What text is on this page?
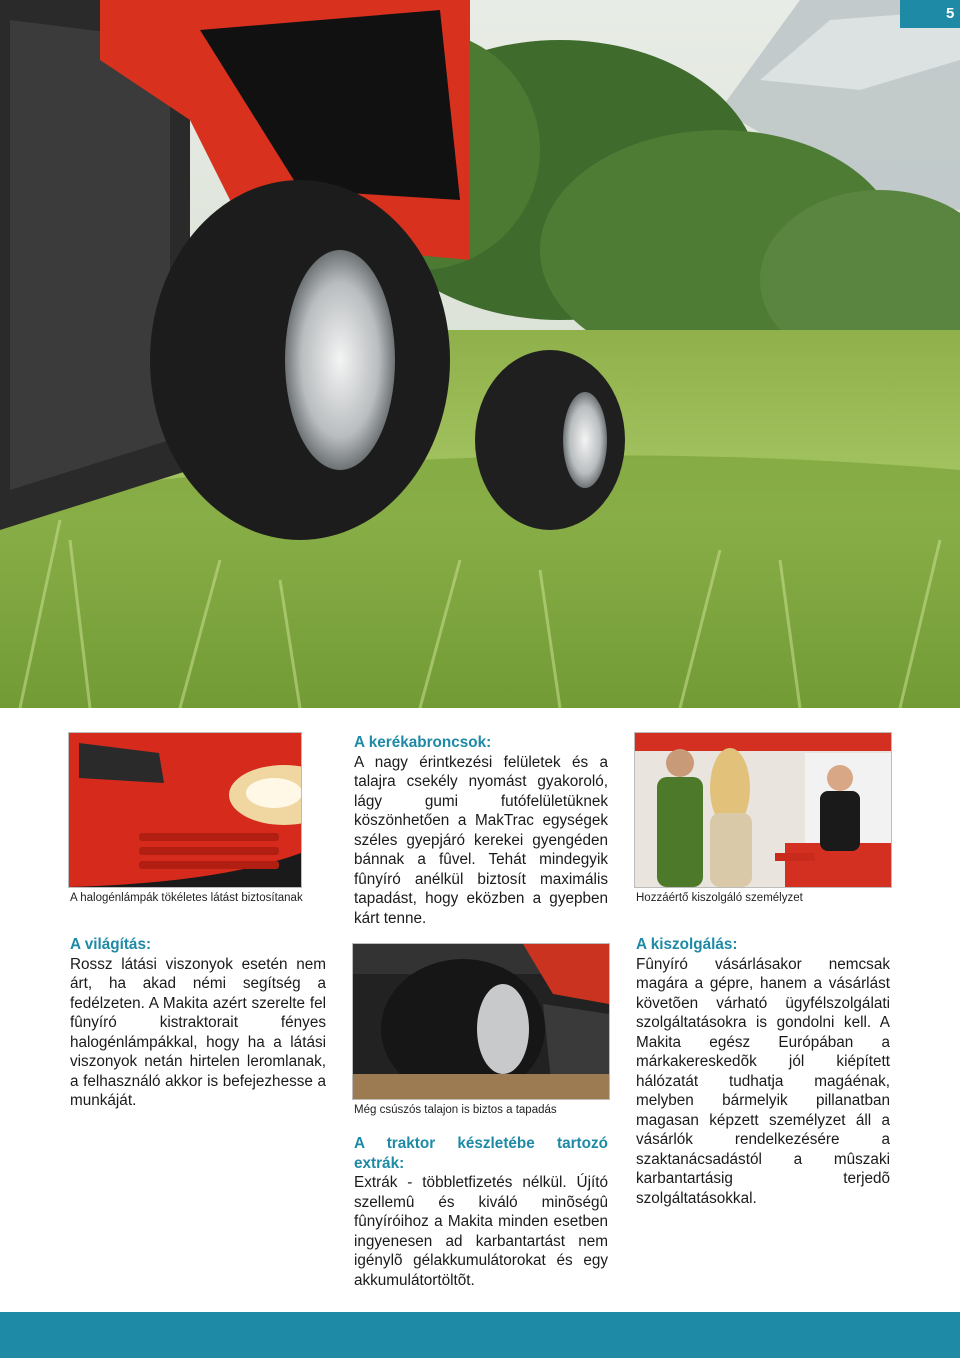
5
A halogénlámpák tökéletes látást biztosítanak

A világítás:

Rossz látási viszonyok esetén nem árt, ha akad némi segítség a fedélzeten. A Makita azért szerelte fel fûnyíró kistraktorait fényes halogénlámpákkal, hogy ha a látási viszonyok netán hirtelen leromlanak, a felhasználó akkor is befejezhesse a munkáját.

A kerékabroncsok:

A nagy érintkezési felületek és a talajra csekély nyomást gyakoroló, lágy gumi futófelületüknek köszönhetően a MakTrac egységek széles gyepjáró kerekei gyengéden bánnak a fûvel. Tehát mindegyik fûnyíró anélkül biztosít maximális tapadást, hogy eközben a gyepben kárt tenne.

Még csúszós talajon is biztos a tapadás

A traktor készletébe tartozó extrák:

Extrák - többletfizetés nélkül. Újító szellemû és kiváló minõségû fûnyíróihoz a Makita minden esetben ingyenesen ad karbantartást nem igénylõ gélakkumulátorokat és egy akkumulátortöltõt.

Hozzáértő kiszolgáló személyzet

A kiszolgálás:

Fûnyíró vásárlásakor nemcsak magára a gépre, hanem a vásárlást követõen várható ügyfélszolgálati szolgáltatásokra is gondolni kell. A Makita egész Európában a márkakereskedõk jól kiépített hálózatát tudhatja magáénak, melyben bármelyik pillanatban magasan képzett személyzet áll a vásárlók rendelkezésére a szaktanácsadástól a mûszaki karbantartásig terjedõ szolgáltatásokkal.
